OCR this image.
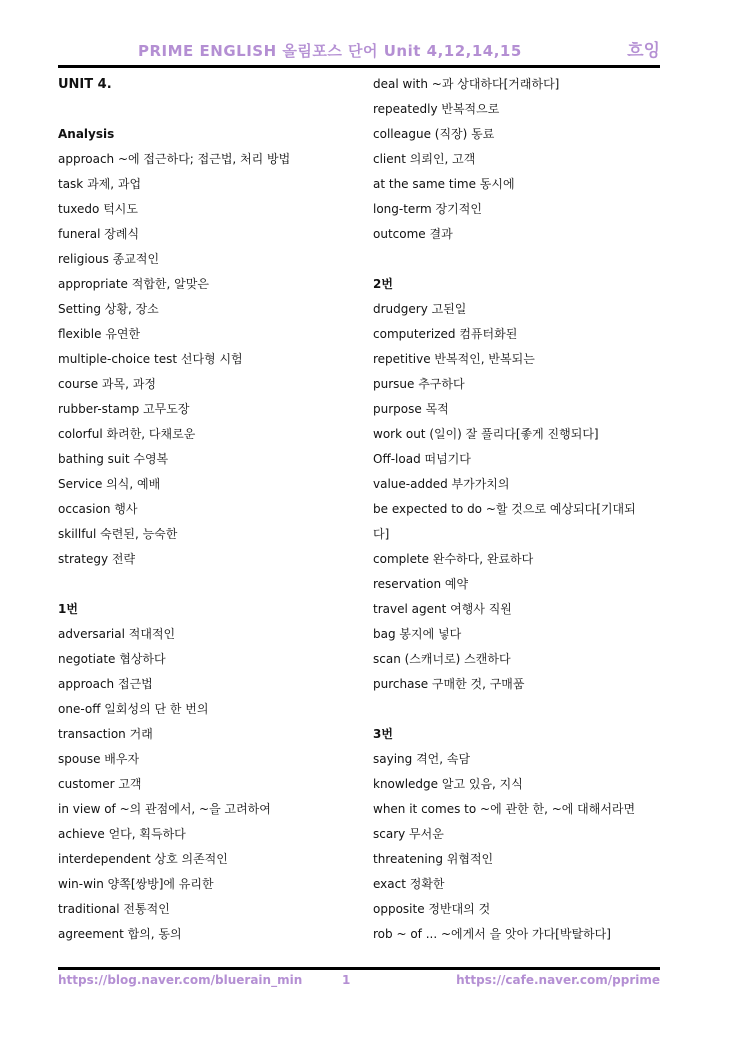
PRIME ENGLISH 올림포스 단어 Unit 4,12,14,15	흐잉
UNIT 4.
Analysis
approach ~에 접근하다; 접근법, 처리 방법
task 과제, 과업
tuxedo 턱시도
funeral 장례식
religious 종교적인
appropriate 적합한, 알맞은
Setting 상황, 장소
flexible 유연한
multiple-choice test 선다형 시험
course 과목, 과정
rubber-stamp 고무도장
colorful 화려한, 다채로운
bathing suit 수영복
Service 의식, 예배
occasion 행사
skillful 숙련된, 능숙한
strategy 전략
1번
adversarial 적대적인
negotiate 협상하다
approach 접근법
one-off 일회성의 단 한 번의
transaction 거래
spouse 배우자
customer 고객
in view of ~의 관점에서, ~을 고려하여
achieve 얻다, 획득하다
interdependent 상호 의존적인
win-win 양쪽[쌍방]에 유리한
traditional 전통적인
agreement 합의, 동의
deal with ~과 상대하다[거래하다]
repeatedly 반복적으로
colleague (직장) 동료
client 의뢰인, 고객
at the same time 동시에
long-term 장기적인
outcome 결과
2번
drudgery 고된일
computerized 컴퓨터화된
repetitive 반복적인, 반복되는
pursue 추구하다
purpose 목적
work out (일이) 잘 풀리다[좋게 진행되다]
Off-load 떠넘기다
value-added 부가가치의
be expected to do ~할 것으로 예상되다[기대되
다]
complete 완수하다, 완료하다
reservation 예약
travel agent 여행사 직원
bag 봉지에 넣다
scan (스캐너로) 스캔하다
purchase 구매한 것, 구매품
3번
saying 격언, 속담
knowledge 알고 있음, 지식
when it comes to ~에 관한 한, ~에 대해서라면
scary 무서운
threatening 위협적인
exact 정확한
opposite 정반대의 것
rob ~ of ... ~에게서 을 앗아 가다[박탈하다]
https://blog.naver.com/bluerain_min	1	https://cafe.naver.com/pprime
